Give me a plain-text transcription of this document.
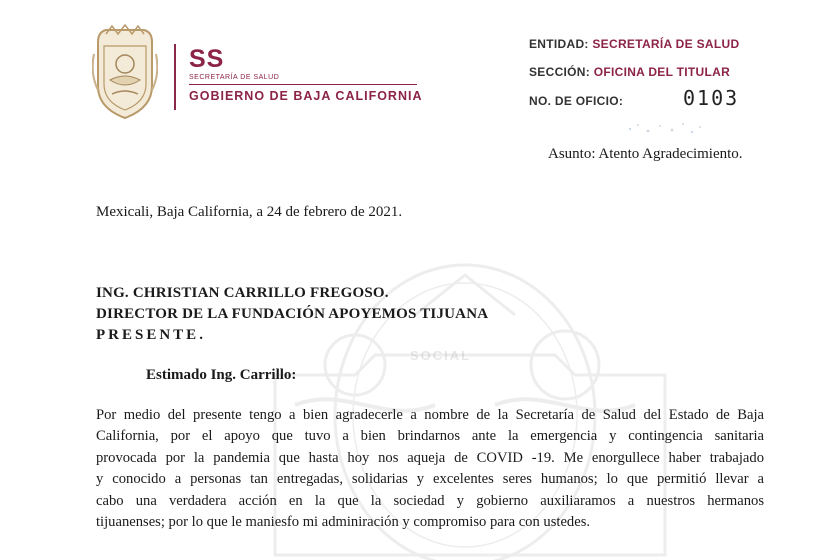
SOCIAL
SS
SECRETARÍA DE SALUD
GOBIERNO DE BAJA CALIFORNIA
ENTIDAD: SECRETARÍA DE SALUD
SECCIÓN: OFICINA DEL TITULAR
NO. DE OFICIO:	0103
Asunto: Atento Agradecimiento.
Mexicali, Baja California, a 24 de febrero de 2021.
ING. CHRISTIAN CARRILLO FREGOSO.
DIRECTOR DE LA FUNDACIÓN APOYEMOS TIJUANA
PRESENTE.
Estimado Ing. Carrillo:
Por medio del presente tengo a bien agradecerle a nombre de la Secretaría de Salud del Estado de Baja
California, por el apoyo que tuvo a bien brindarnos ante la emergencia y contingencia sanitaria
provocada por la pandemia que hasta hoy nos aqueja de COVID -19. Me enorgullece haber trabajado
y conocido a personas tan entregadas, solidarias y excelentes seres humanos; lo que permitió llevar a
cabo una verdadera acción en la que la sociedad y gobierno auxiliaramos a nuestros hermanos
tijuanenses; por lo que le maniesfo mi adminiración y compromiso para con ustedes.
